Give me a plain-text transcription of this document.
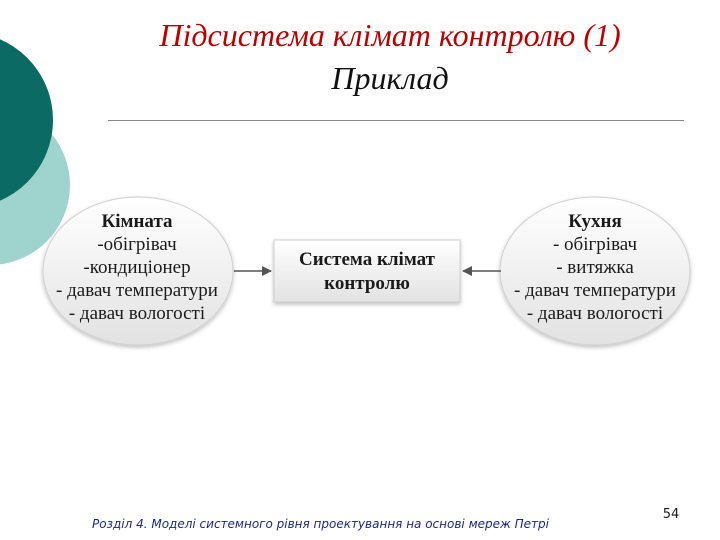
Підсистема клімат контролю (1)
Приклад
Кімната
-обігрівач
-кондиціонер
- давач температури
- давач вологості
Система клімат
контролю
Кухня
- обігрівач
- витяжка
- давач температури
- давач вологості
Розділ 4. Моделі системного рівня проектування на основі мереж Петрі
54
